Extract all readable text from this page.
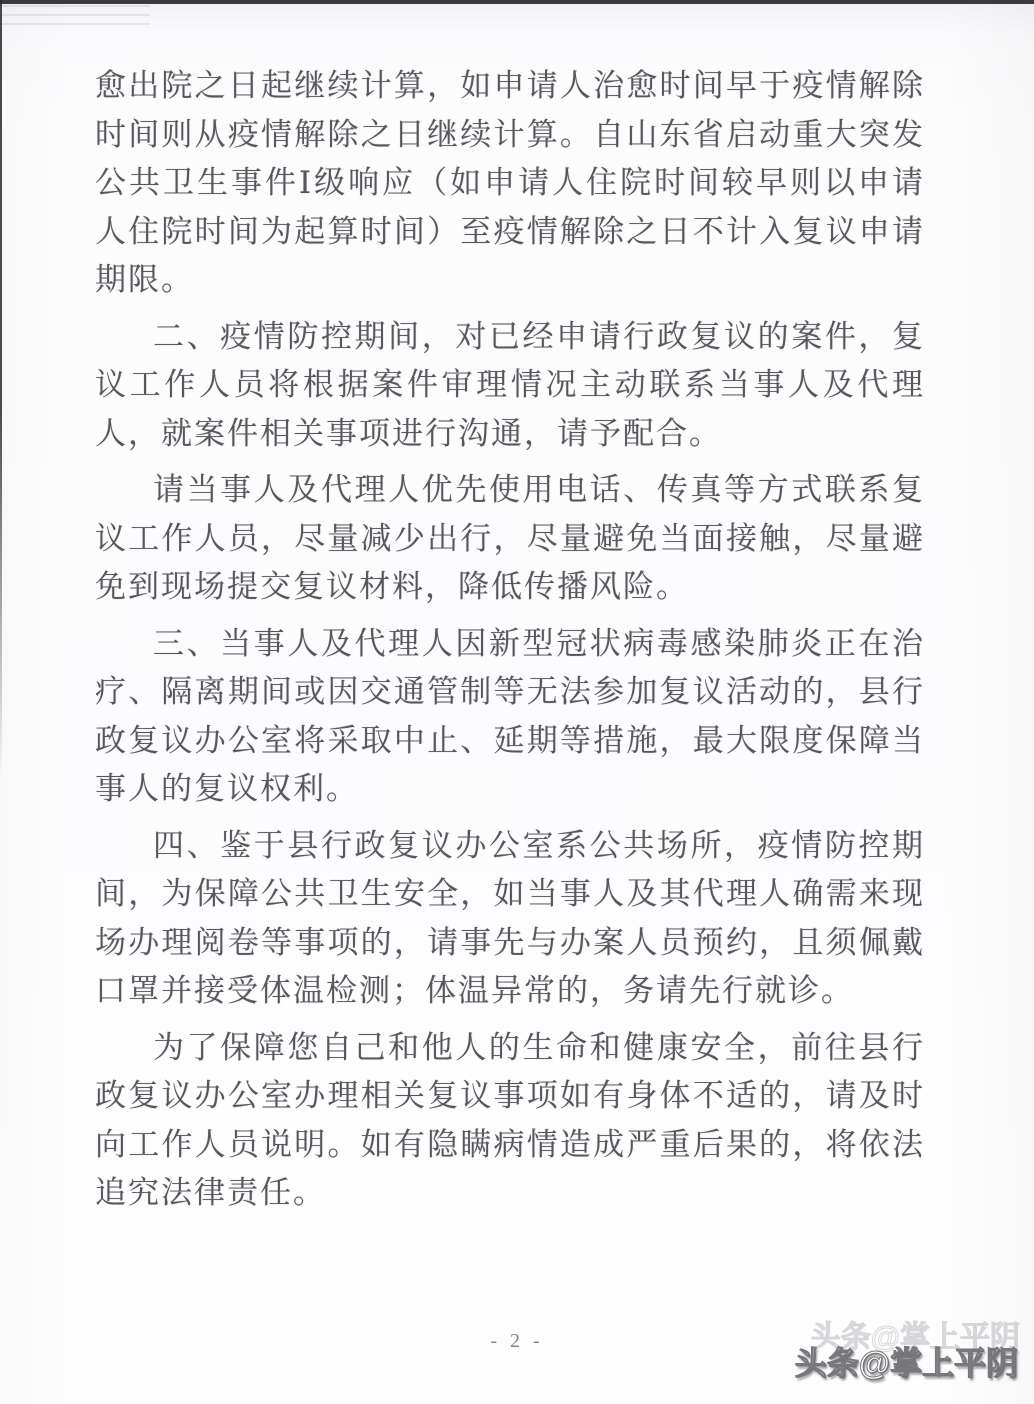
愈出院之日起继续计算，如申请人治愈时间早于疫情解除
时间则从疫情解除之日继续计算。自山东省启动重大突发
公共卫生事件Ⅰ级响应（如申请人住院时间较早则以申请
人住院时间为起算时间）至疫情解除之日不计入复议申请
期限。
二、疫情防控期间，对已经申请行政复议的案件，复
议工作人员将根据案件审理情况主动联系当事人及代理
人，就案件相关事项进行沟通，请予配合。
请当事人及代理人优先使用电话、传真等方式联系复
议工作人员，尽量减少出行，尽量避免当面接触，尽量避
免到现场提交复议材料，降低传播风险。
三、当事人及代理人因新型冠状病毒感染肺炎正在治
疗、隔离期间或因交通管制等无法参加复议活动的，县行
政复议办公室将采取中止、延期等措施，最大限度保障当
事人的复议权利。
四、鉴于县行政复议办公室系公共场所，疫情防控期
间，为保障公共卫生安全，如当事人及其代理人确需来现
场办理阅卷等事项的，请事先与办案人员预约，且须佩戴
口罩并接受体温检测；体温异常的，务请先行就诊。
为了保障您自己和他人的生命和健康安全，前往县行
政复议办公室办理相关复议事项如有身体不适的，请及时
向工作人员说明。如有隐瞒病情造成严重后果的，将依法
追究法律责任。
- 2 -	头条@掌上平阴
头条@掌上平阴
